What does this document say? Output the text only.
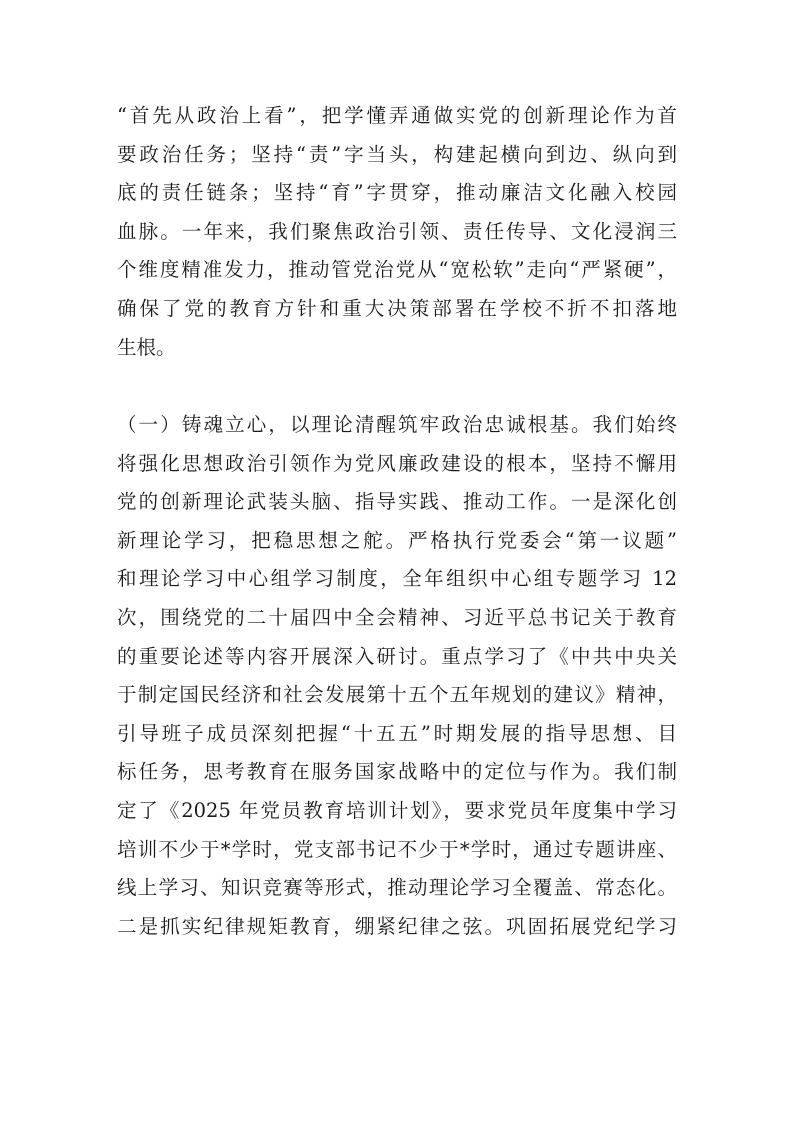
“首先从政治上看”，把学懂弄通做实党的创新理论作为首
要政治任务；坚持“责”字当头，构建起横向到边、纵向到
底的责任链条；坚持“育”字贯穿，推动廉洁文化融入校园
血脉。一年来，我们聚焦政治引领、责任传导、文化浸润三
个维度精准发力，推动管党治党从“宽松软”走向“严紧硬”，
确保了党的教育方针和重大决策部署在学校不折不扣落地
生根。
（一）铸魂立心，以理论清醒筑牢政治忠诚根基。我们始终
将强化思想政治引领作为党风廉政建设的根本，坚持不懈用
党的创新理论武装头脑、指导实践、推动工作。一是深化创
新理论学习，把稳思想之舵。严格执行党委会“第一议题”
和理论学习中心组学习制度，全年组织中心组专题学习 12
次，围绕党的二十届四中全会精神、习近平总书记关于教育
的重要论述等内容开展深入研讨。重点学习了《中共中央关
于制定国民经济和社会发展第十五个五年规划的建议》精神，
引导班子成员深刻把握“十五五”时期发展的指导思想、目
标任务，思考教育在服务国家战略中的定位与作为。我们制
定了《2025 年党员教育培训计划》，要求党员年度集中学习
培训不少于*学时，党支部书记不少于*学时，通过专题讲座、
线上学习、知识竞赛等形式，推动理论学习全覆盖、常态化。
二是抓实纪律规矩教育，绷紧纪律之弦。巩固拓展党纪学习
